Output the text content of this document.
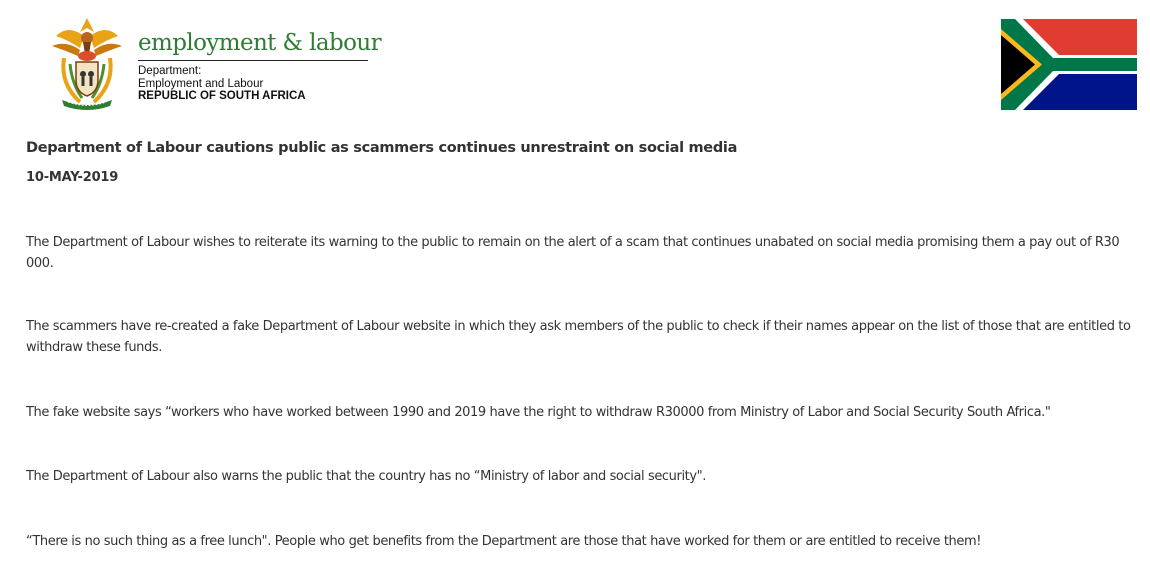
employment & labour
Department:
Employment and Labour
REPUBLIC OF SOUTH AFRICA
Department of Labour cautions public as scammers continues unrestraint on social media
10-MAY-2019

The Department of Labour wishes to reiterate its warning to the public to remain on the alert of a scam that continues unabated on social media promising them a pay out of R30 000.

The scammers have re-created a fake Department of Labour website in which they ask members of the public to check if their names appear on the list of those that are entitled to withdraw these funds.

The fake website says “workers who have worked between 1990 and 2019 have the right to withdraw R30000 from Ministry of Labor and Social Security South Africa."

The Department of Labour also warns the public that the country has no “Ministry of labor and social security".

“There is no such thing as a free lunch". People who get benefits from the Department are those that have worked for them or are entitled to receive them!
